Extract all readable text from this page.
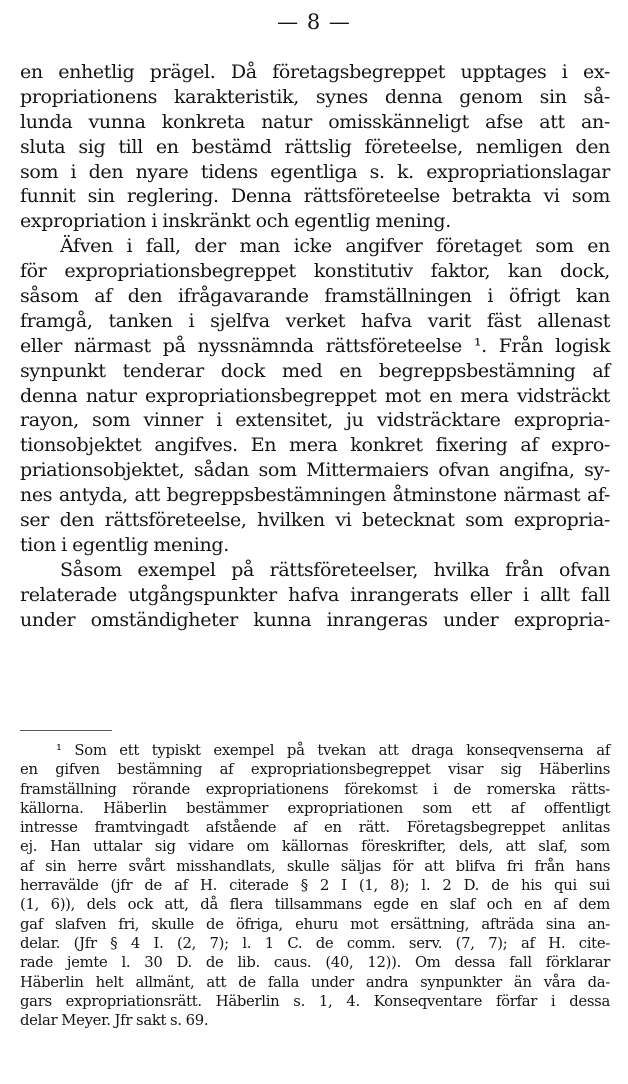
— 8 —
en enhetlig prägel. Då företagsbegreppet upptages i ex-
propriationens karakteristik, synes denna genom sin så-
lunda vunna konkreta natur omisskänneligt afse att an-
sluta sig till en bestämd rättslig företeelse, nemligen den
som i den nyare tidens egentliga s. k. expropriationslagar
funnit sin reglering. Denna rättsföreteelse betrakta vi som
expropriation i inskränkt och egentlig mening.
Äfven i fall, der man icke angifver företaget som en
för expropriationsbegreppet konstitutiv faktor, kan dock,
såsom af den ifrågavarande framställningen i öfrigt kan
framgå, tanken i sjelfva verket hafva varit fäst allenast
eller närmast på nyssnämnda rättsföreteelse ¹. Från logisk
synpunkt tenderar dock med en begreppsbestämning af
denna natur expropriationsbegreppet mot en mera vidsträckt
rayon, som vinner i extensitet, ju vidsträcktare expropria-
tionsobjektet angifves. En mera konkret fixering af expro-
priationsobjektet, sådan som Mittermaiers ofvan angifna, sy-
nes antyda, att begreppsbestämningen åtminstone närmast af-
ser den rättsföreteelse, hvilken vi betecknat som expropria-
tion i egentlig mening.
Såsom exempel på rättsföreteelser, hvilka från ofvan
relaterade utgångspunkter hafva inrangerats eller i allt fall
under omständigheter kunna inrangeras under expropria-
¹ Som ett typiskt exempel på tvekan att draga konseqvenserna af
en gifven bestämning af expropriationsbegreppet visar sig Häberlins
framställning rörande expropriationens förekomst i de romerska rätts-
källorna. Häberlin bestämmer expropriationen som ett af offentligt
intresse framtvingadt afstående af en rätt. Företagsbegreppet anlitas
ej. Han uttalar sig vidare om källornas föreskrifter, dels, att slaf, som
af sin herre svårt misshandlats, skulle säljas för att blifva fri från hans
herravälde (jfr de af H. citerade § 2 I (1, 8); l. 2 D. de his qui sui
(1, 6)), dels ock att, då flera tillsammans egde en slaf och en af dem
gaf slafven fri, skulle de öfriga, ehuru mot ersättning, afträda sina an-
delar. (Jfr § 4 I. (2, 7); l. 1 C. de comm. serv. (7, 7); af H. cite-
rade jemte l. 30 D. de lib. caus. (40, 12)). Om dessa fall förklarar
Häberlin helt allmänt, att de falla under andra synpunkter än våra da-
gars expropriationsrätt. Häberlin s. 1, 4. Konseqventare förfar i dessa
delar Meyer. Jfr sakt s. 69.
